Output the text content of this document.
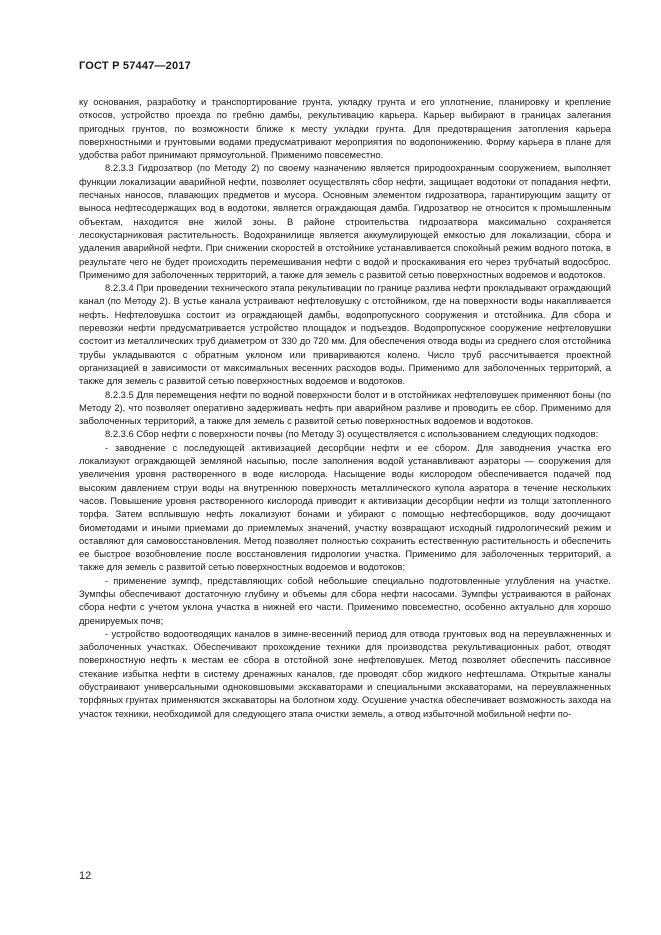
ГОСТ Р 57447—2017

ку основания, разработку и транспортирование грунта, укладку грунта и его уплотнение, планировку и крепление откосов, устройство проезда по гребню дамбы, рекультивацию карьера. Карьер выбирают в границах залегания пригодных грунтов, по возможности ближе к месту укладки грунта. Для предотвращения затопления карьера поверхностными и грунтовыми водами предусматривают мероприятия по водопонижению. Форму карьера в плане для удобства работ принимают прямоугольной. Применимо повсеместно.

8.2.3.3 Гидрозатвор (по Методу 2) по своему назначению является природоохранным сооружением, выполняет функции локализации аварийной нефти, позволяет осуществлять сбор нефти, защищает водотоки от попадания нефти, песчаных наносов, плавающих предметов и мусора. Основным элементом гидрозатвора, гарантирующим защиту от выноса нефтесодержащих вод в водотоки, является ограждающая дамба. Гидрозатвор не относится к промышленным объектам, находится вне жилой зоны. В районе строительства гидрозатвора максимально сохраняется лесокустарниковая растительность. Водохранилище является аккумулирующей емкостью для локализации, сбора и удаления аварийной нефти. При снижении скоростей в отстойнике устанавливается спокойный режим водного потока, в результате чего не будет происходить перемешивания нефти с водой и проскакивания его через трубчатый водосброс. Применимо для заболоченных территорий, а также для земель с развитой сетью поверхностных водоемов и водотоков.

8.2.3.4 При проведении технического этапа рекультивации по границе разлива нефти прокладывают ограждающий канал (по Методу 2). В устье канала устраивают нефтеловушку с отстойником, где на поверхности воды накапливается нефть. Нефтеловушка состоит из ограждающей дамбы, водопропускного сооружения и отстойника. Для сбора и перевозки нефти предусматривается устройство площадок и подъездов. Водопропускное сооружение нефтеловушки состоит из металлических труб диаметром от 330 до 720 мм. Для обеспечения отвода воды из среднего слоя отстойника трубы укладываются с обратным уклоном или привариваются колено. Число труб рассчитывается проектной организацией в зависимости от максимальных весенних расходов воды. Применимо для заболоченных территорий, а также для земель с развитой сетью поверхностных водоемов и водотоков.

8.2.3.5 Для перемещения нефти по водной поверхности болот и в отстойниках нефтеловушек применяют боны (по Методу 2), что позволяет оперативно задерживать нефть при аварийном разливе и проводить ее сбор. Применимо для заболоченных территорий, а также для земель с развитой сетью поверхностных водоемов и водотоков.

8.2.3.6 Сбор нефти с поверхности почвы (по Методу 3) осуществляется с использованием следующих подходов:

- заводнение с последующей активизацией десорбции нефти и ее сбором. Для заводнения участка его локализуют ограждающей земляной насыпью, после заполнения водой устанавливают аэраторы — сооружения для увеличения уровня растворенного в воде кислорода. Насыщение воды кислородом обеспечивается подачей под высоким давлением струи воды на внутреннюю поверхность металлического купола аэратора в течение нескольких часов. Повышение уровня растворенного кислорода приводит к активизации десорбции нефти из толщи затопленного торфа. Затем всплывшую нефть локализуют бонами и убирают с помощью нефтесборщиков, воду доочищают биометодами и иными приемами до приемлемых значений, участку возвращают исходный гидрологический режим и оставляют для самовосстановления. Метод позволяет полностью сохранить естественную растительность и обеспечить ее быстрое возобновление после восстановления гидрологии участка. Применимо для заболоченных территорий, а также для земель с развитой сетью поверхностных водоемов и водотоков;

- применение зумпф, представляющих собой небольшие специально подготовленные углубления на участке. Зумпфы обеспечивают достаточную глубину и объемы для сбора нефти насосами. Зумпфы устраиваются в районах сбора нефти с учетом уклона участка в нижней его части. Применимо повсеместно, особенно актуально для хорошо дренируемых почв;

- устройство водоотводящих каналов в зимне-весенний период для отвода грунтовых вод на переувлажненных и заболоченных участках. Обеспечивают прохождение техники для производства рекультивационных работ, отводят поверхностную нефть к местам ее сбора в отстойной зоне нефтеловушек. Метод позволяет обеспечить пассивное стекание избытка нефти в систему дренажных каналов, где проводят сбор жидкого нефтешлама. Открытые каналы обустраивают универсальными одноковшовыми экскаваторами и специальными экскаваторами, на переувлажненных торфяных грунтах применяются экскаваторы на болотном ходу. Осушение участка обеспечивает возможность захода на участок техники, необходимой для следующего этапа очистки земель, а отвод избыточной мобильной нефти по-

12
